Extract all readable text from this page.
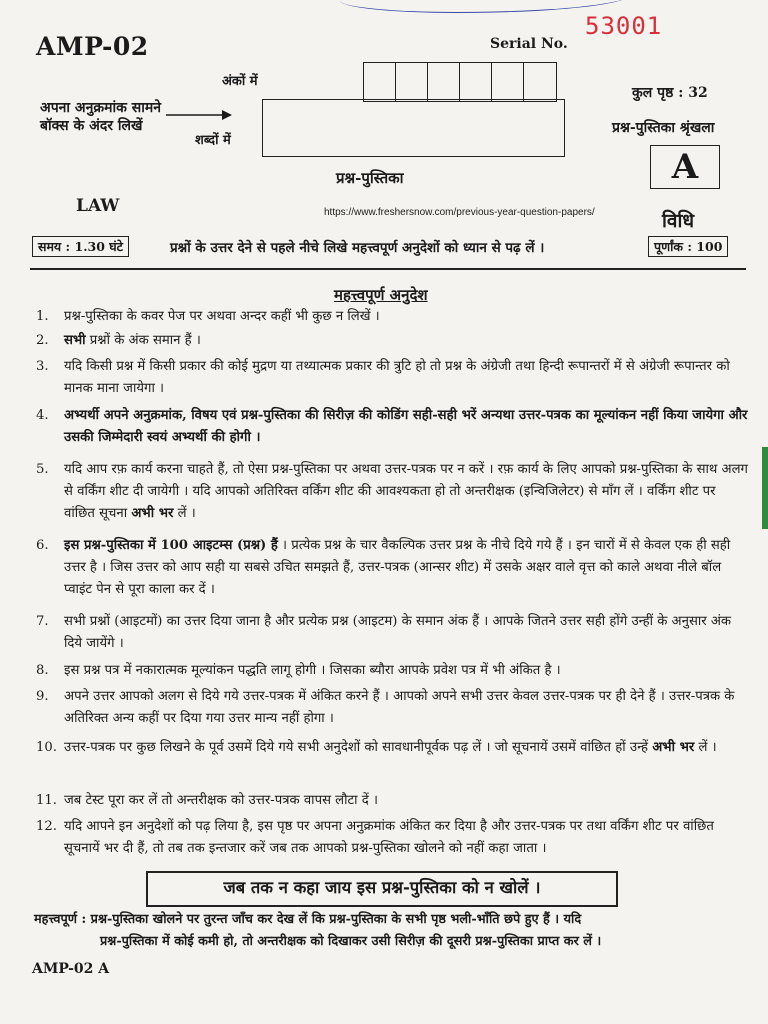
AMP-02	Serial No.
53001
अंकों में
शब्दों में
अपना अनुक्रमांक सामने
बॉक्स के अंदर लिखें
कुल पृष्ठ : 32
प्रश्न-पुस्तिका श्रृंखला
A
प्रश्न-पुस्तिका
LAW	https://www.freshersnow.com/previous-year-question-papers/	विधि
समय : 1.30 घंटे	प्रश्नों के उत्तर देने से पहले नीचे लिखे महत्त्वपूर्ण अनुदेशों को ध्यान से पढ़ लें ।	पूर्णांक : 100
महत्त्वपूर्ण अनुदेश
1.	प्रश्न-पुस्तिका के कवर पेज पर अथवा अन्दर कहीं भी कुछ न लिखें ।
2.	सभी प्रश्नों के अंक समान हैं ।
3.	यदि किसी प्रश्न में किसी प्रकार की कोई मुद्रण या तथ्यात्मक प्रकार की त्रुटि हो तो प्रश्न के अंग्रेजी तथा हिन्दी रूपान्तरों में से अंग्रेजी रूपान्तर को मानक माना जायेगा ।
4.	अभ्यर्थी अपने अनुक्रमांक, विषय एवं प्रश्न-पुस्तिका की सिरीज़ की कोडिंग सही-सही भरें अन्यथा उत्तर-पत्रक का मूल्यांकन नहीं किया जायेगा और उसकी जिम्मेदारी स्वयं अभ्यर्थी की होगी ।
5.	यदि आप रफ़ कार्य करना चाहते हैं, तो ऐसा प्रश्न-पुस्तिका पर अथवा उत्तर-पत्रक पर न करें । रफ़ कार्य के लिए आपको प्रश्न-पुस्तिका के साथ अलग से वर्किंग शीट दी जायेगी । यदि आपको अतिरिक्त वर्किंग शीट की आवश्यकता हो तो अन्तरीक्षक (इन्विजिलेटर) से माँग लें । वर्किंग शीट पर वांछित सूचना अभी भर लें ।
6.	इस प्रश्न-पुस्तिका में 100 आइटम्स (प्रश्न) हैं । प्रत्येक प्रश्न के चार वैकल्पिक उत्तर प्रश्न के नीचे दिये गये हैं । इन चारों में से केवल एक ही सही उत्तर है । जिस उत्तर को आप सही या सबसे उचित समझते हैं, उत्तर-पत्रक (आन्सर शीट) में उसके अक्षर वाले वृत्त को काले अथवा नीले बॉल प्वाइंट पेन से पूरा काला कर दें ।
7.	सभी प्रश्नों (आइटमों) का उत्तर दिया जाना है और प्रत्येक प्रश्न (आइटम) के समान अंक हैं । आपके जितने उत्तर सही होंगे उन्हीं के अनुसार अंक दिये जायेंगे ।
8.	इस प्रश्न पत्र में नकारात्मक मूल्यांकन पद्धति लागू होगी । जिसका ब्यौरा आपके प्रवेश पत्र में भी अंकित है ।
9.	अपने उत्तर आपको अलग से दिये गये उत्तर-पत्रक में अंकित करने हैं । आपको अपने सभी उत्तर केवल उत्तर-पत्रक पर ही देने हैं । उत्तर-पत्रक के अतिरिक्त अन्य कहीं पर दिया गया उत्तर मान्य नहीं होगा ।
10. उत्तर-पत्रक पर कुछ लिखने के पूर्व उसमें दिये गये सभी अनुदेशों को सावधानीपूर्वक पढ़ लें । जो सूचनायें उसमें वांछित हों उन्हें अभी भर लें ।
11. जब टेस्ट पूरा कर लें तो अन्तरीक्षक को उत्तर-पत्रक वापस लौटा दें ।
12. यदि आपने इन अनुदेशों को पढ़ लिया है, इस पृष्ठ पर अपना अनुक्रमांक अंकित कर दिया है और उत्तर-पत्रक पर तथा वर्किंग शीट पर वांछित सूचनायें भर दी हैं, तो तब तक इन्तजार करें जब तक आपको प्रश्न-पुस्तिका खोलने को नहीं कहा जाता ।
जब तक न कहा जाय इस प्रश्न-पुस्तिका को न खोलें ।
महत्त्वपूर्ण : प्रश्न-पुस्तिका खोलने पर तुरन्त जाँच कर देख लें कि प्रश्न-पुस्तिका के सभी पृष्ठ भली-भाँति छपे हुए हैं । यदि
प्रश्न-पुस्तिका में कोई कमी हो, तो अन्तरीक्षक को दिखाकर उसी सिरीज़ की दूसरी प्रश्न-पुस्तिका प्राप्त कर लें ।
AMP-02 A
